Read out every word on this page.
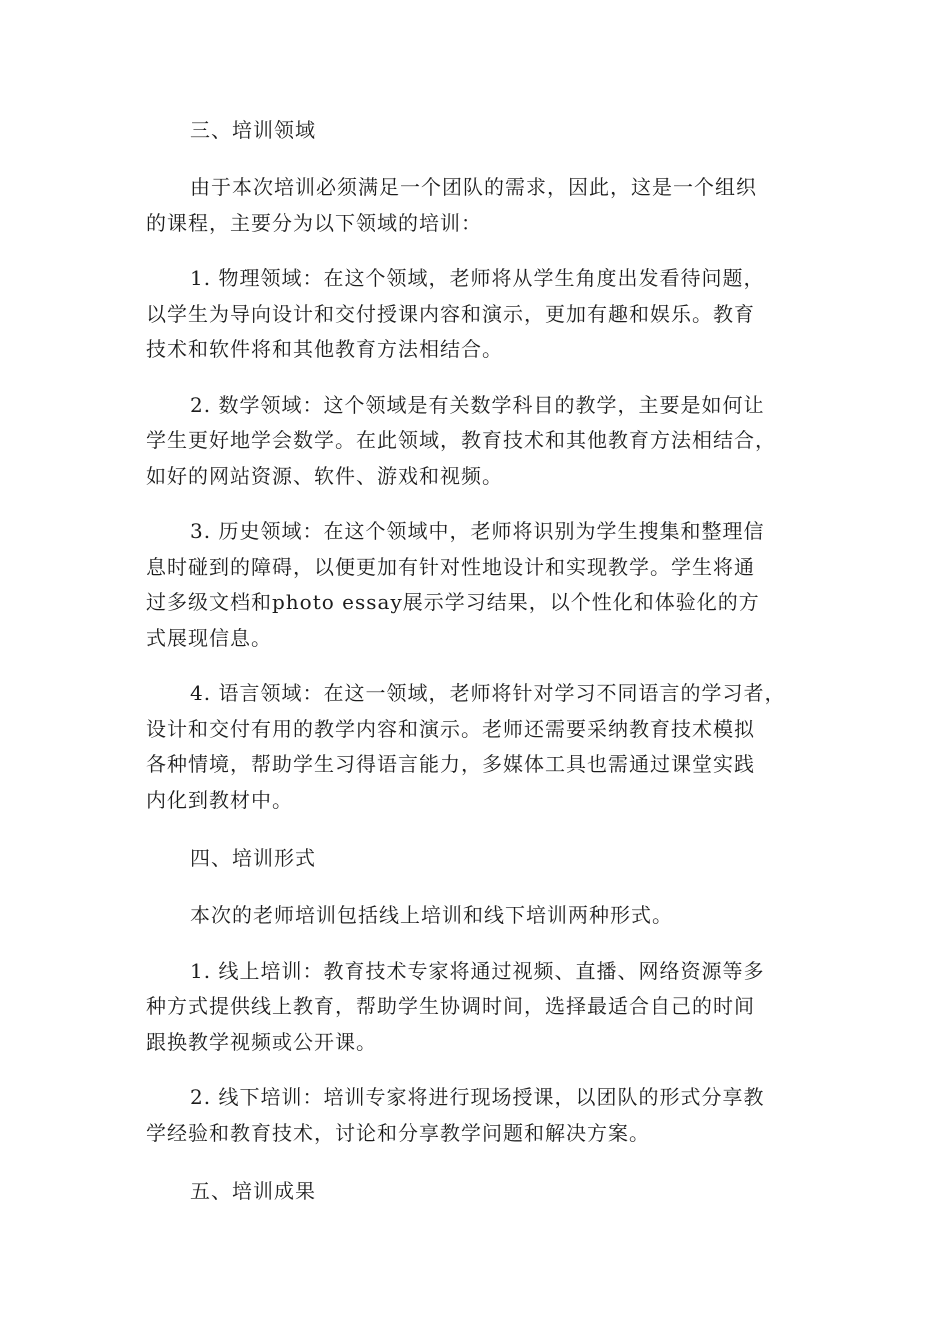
三、培训领域
由于本次培训必须满足一个团队的需求，因此，这是一个组织
的课程，主要分为以下领域的培训：
1. 物理领域：在这个领域，老师将从学生角度出发看待问题，
以学生为导向设计和交付授课内容和演示，更加有趣和娱乐。教育
技术和软件将和其他教育方法相结合。
2. 数学领域：这个领域是有关数学科目的教学，主要是如何让
学生更好地学会数学。在此领域，教育技术和其他教育方法相结合，
如好的网站资源、软件、游戏和视频。
3. 历史领域：在这个领域中，老师将识别为学生搜集和整理信
息时碰到的障碍，以便更加有针对性地设计和实现教学。学生将通
过多级文档和photo essay展示学习结果，以个性化和体验化的方
式展现信息。
4. 语言领域：在这一领域，老师将针对学习不同语言的学习者，
设计和交付有用的教学内容和演示。老师还需要采纳教育技术模拟
各种情境，帮助学生习得语言能力，多媒体工具也需通过课堂实践
内化到教材中。
四、培训形式
本次的老师培训包括线上培训和线下培训两种形式。
1. 线上培训：教育技术专家将通过视频、直播、网络资源等多
种方式提供线上教育，帮助学生协调时间，选择最适合自己的时间
跟换教学视频或公开课。
2. 线下培训：培训专家将进行现场授课，以团队的形式分享教
学经验和教育技术，讨论和分享教学问题和解决方案。
五、培训成果
